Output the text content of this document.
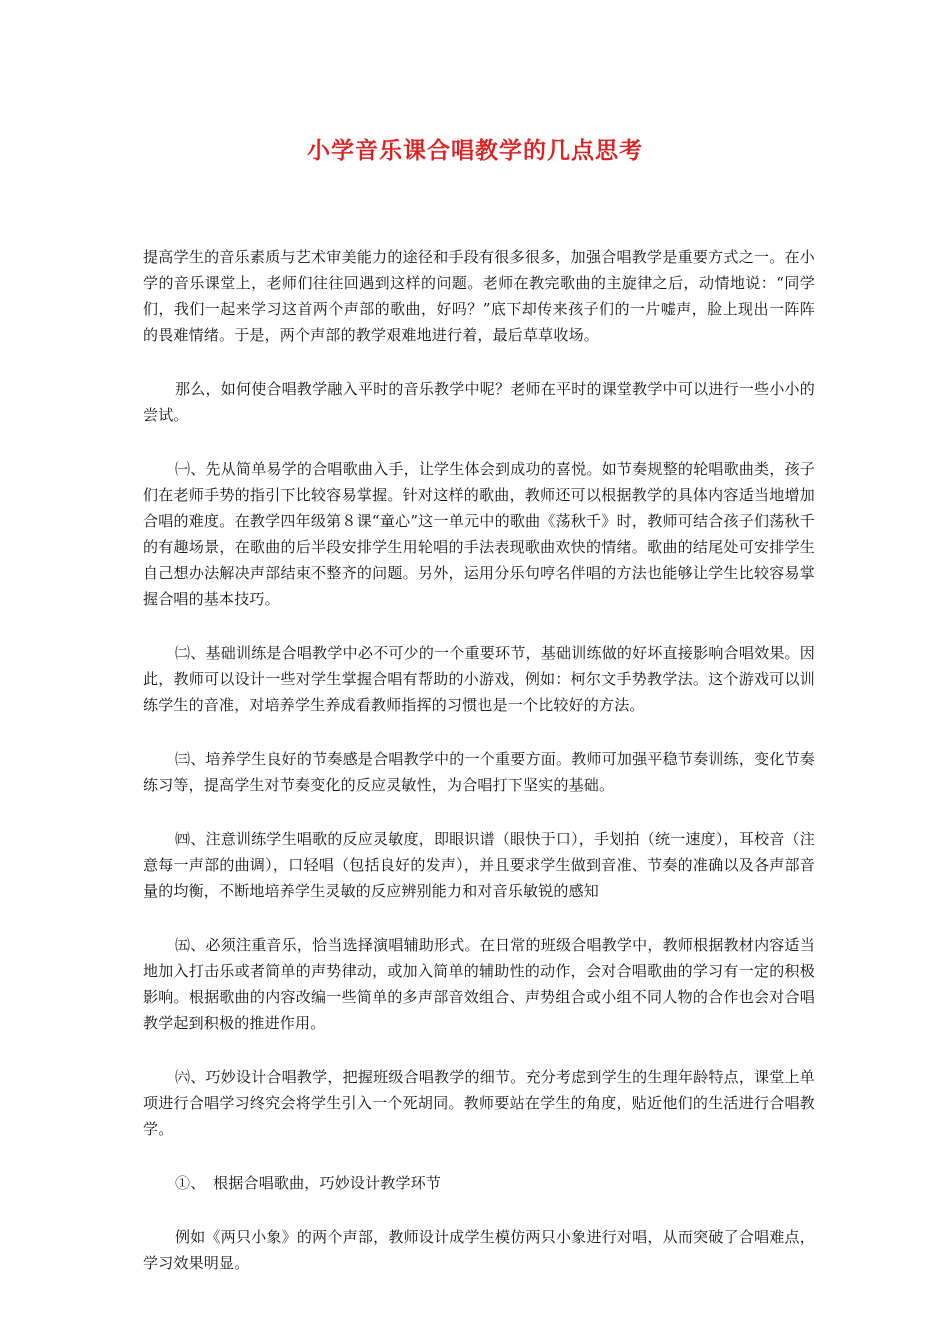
小学音乐课合唱教学的几点思考

提高学生的音乐素质与艺术审美能力的途径和手段有很多很多，加强合唱教学是重要方式之一。在小学的音乐课堂上，老师们往往回遇到这样的问题。老师在教完歌曲的主旋律之后，动情地说：“同学们，我们一起来学习这首两个声部的歌曲，好吗？”底下却传来孩子们的一片嘘声，脸上现出一阵阵的畏难情绪。于是，两个声部的教学艰难地进行着，最后草草收场。

那么，如何使合唱教学融入平时的音乐教学中呢？老师在平时的课堂教学中可以进行一些小小的尝试。

㈠、先从简单易学的合唱歌曲入手，让学生体会到成功的喜悦。如节奏规整的轮唱歌曲类，孩子们在老师手势的指引下比较容易掌握。针对这样的歌曲，教师还可以根据教学的具体内容适当地增加合唱的难度。在教学四年级第８课“童心”这一单元中的歌曲《荡秋千》时，教师可结合孩子们荡秋千的有趣场景，在歌曲的后半段安排学生用轮唱的手法表现歌曲欢快的情绪。歌曲的结尾处可安排学生自己想办法解决声部结束不整齐的问题。另外，运用分乐句哼名伴唱的方法也能够让学生比较容易掌握合唱的基本技巧。

㈡、基础训练是合唱教学中必不可少的一个重要环节，基础训练做的好坏直接影响合唱效果。因此，教师可以设计一些对学生掌握合唱有帮助的小游戏，例如：柯尔文手势教学法。这个游戏可以训练学生的音准，对培养学生养成看教师指挥的习惯也是一个比较好的方法。

㈢、培养学生良好的节奏感是合唱教学中的一个重要方面。教师可加强平稳节奏训练，变化节奏练习等，提高学生对节奏变化的反应灵敏性，为合唱打下坚实的基础。

㈣、注意训练学生唱歌的反应灵敏度，即眼识谱（眼快于口），手划拍（统一速度），耳校音（注意每一声部的曲调），口轻唱（包括良好的发声），并且要求学生做到音准、节奏的准确以及各声部音量的均衡，不断地培养学生灵敏的反应辨别能力和对音乐敏锐的感知

㈤、必须注重音乐，恰当选择演唱辅助形式。在日常的班级合唱教学中，教师根据教材内容适当地加入打击乐或者简单的声势律动，或加入简单的辅助性的动作，会对合唱歌曲的学习有一定的积极影响。根据歌曲的内容改编一些简单的多声部音效组合、声势组合或小组不同人物的合作也会对合唱教学起到积极的推进作用。

㈥、巧妙设计合唱教学，把握班级合唱教学的细节。充分考虑到学生的生理年龄特点，课堂上单项进行合唱学习终究会将学生引入一个死胡同。教师要站在学生的角度，贴近他们的生活进行合唱教学。

①、　根据合唱歌曲，巧妙设计教学环节

例如《两只小象》的两个声部，教师设计成学生模仿两只小象进行对唱，从而突破了合唱难点，学习效果明显。
